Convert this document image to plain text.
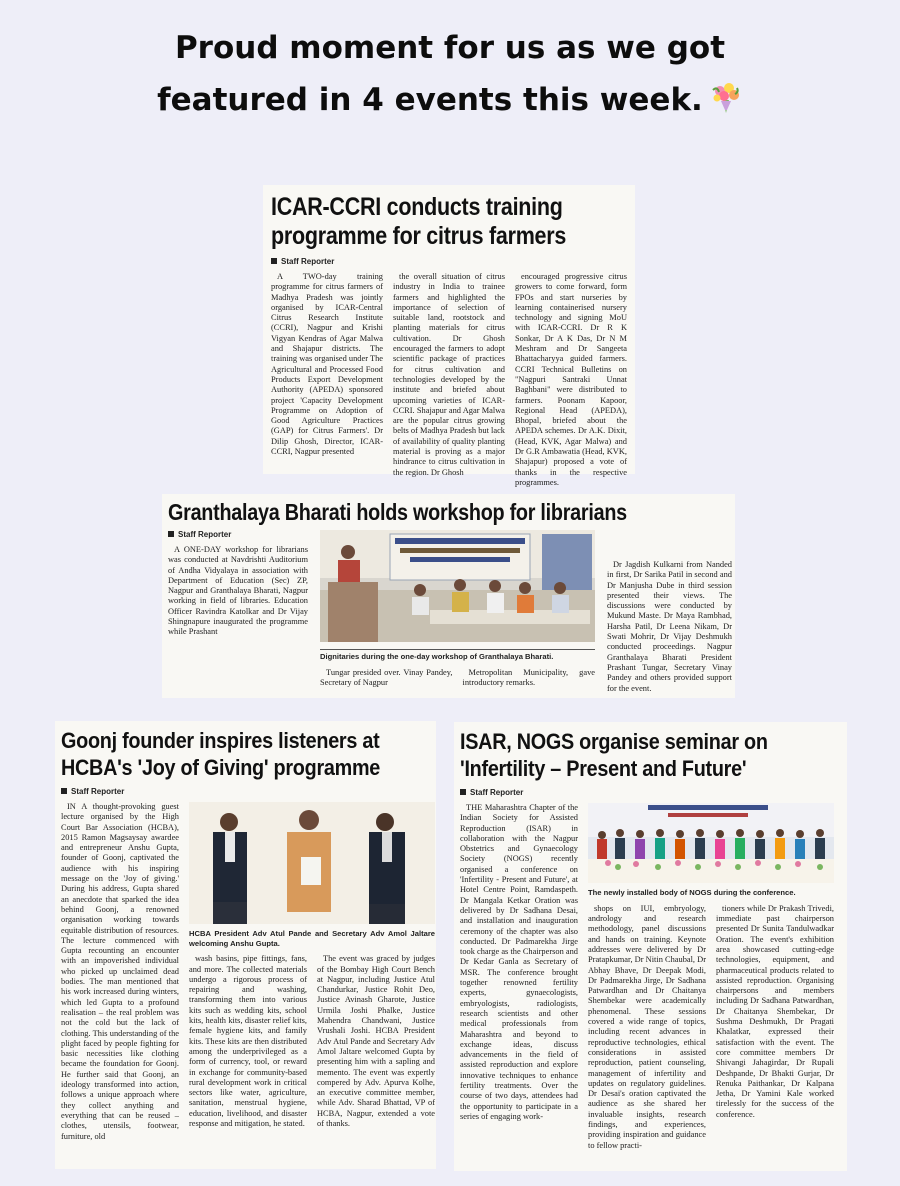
Proud moment for us as we got
featured in 4 events this week.
ICAR-CCRI conducts training programme for citrus farmers
Staff Reporter

A TWO-day training programme for citrus farmers of Madhya Pradesh was jointly organised by ICAR-Central Citrus Research Institute (CCRI), Nagpur and Krishi Vigyan Kendras of Agar Malwa and Shajapur districts. The training was organised under The Agricultural and Processed Food Products Export Development Authority (APEDA) sponsored project 'Capacity Development Programme on Adoption of Good Agriculture Practices (GAP) for Citrus Farmers'. Dr Dilip Ghosh, Director, ICAR-CCRI, Nagpur presented

the overall situation of citrus industry in India to trainee farmers and highlighted the importance of selection of suitable land, rootstock and planting materials for citrus cultivation. Dr Ghosh encouraged the farmers to adopt scientific package of practices for citrus cultivation and technologies developed by the institute and briefed about upcoming varieties of ICAR-CCRI. Shajapur and Agar Malwa are the popular citrus growing belts of Madhya Pradesh but lack of availability of quality planting material is proving as a major hindrance to citrus cultivation in the region. Dr Ghosh

encouraged progressive citrus growers to come forward, form FPOs and start nurseries by learning containerised nursery technology and signing MoU with ICAR-CCRI. Dr R K Sonkar, Dr A K Das, Dr N M Meshram and Dr Sangeeta Bhattacharyya guided farmers. CCRI Technical Bulletins on "Nagpuri Santraki Unnat Baghbani" were distributed to farmers. Poonam Kapoor, Regional Head (APEDA), Bhopal, briefed about the APEDA schemes. Dr A.K. Dixit, (Head, KVK, Agar Malwa) and Dr G.R Ambawatia (Head, KVK, Shajapur) proposed a vote of thanks in the respective programmes.

Granthalaya Bharati holds workshop for librarians
Staff Reporter

A ONE-DAY workshop for librarians was conducted at Navdrishti Auditorium of Andha Vidyalaya in association with Department of Education (Sec) ZP, Nagpur and Granthalaya Bharati, Nagpur working in field of libraries. Education Officer Ravindra Katolkar and Dr Vijay Shingnapure inaugurated the programme while Prashant

Dignitaries during the one-day workshop of Granthalaya Bharati.

Tungar presided over. Vinay Pandey, Secretary of Nagpur

Metropolitan Municipality, gave introductory remarks.

Dr Jagdish Kulkarni from Nanded in first, Dr Sarika Patil in second and Dr Manjusha Dube in third session presented their views. The discussions were conducted by Mukund Maste. Dr Maya Rambhad, Harsha Patil, Dr Leena Nikam, Dr Swati Mohrir, Dr Vijay Deshmukh conducted proceedings. Nagpur Granthalaya Bharati President Prashant Tungar, Secretary Vinay Pandey and others provided support for the event.

Goonj founder inspires listeners at HCBA's 'Joy of Giving' programme
Staff Reporter

IN A thought-provoking guest lecture organised by the High Court Bar Association (HCBA), 2015 Ramon Magsaysay awardee and entrepreneur Anshu Gupta, founder of Goonj, captivated the audience with his inspiring message on the 'Joy of giving.' During his address, Gupta shared an anecdote that sparked the idea behind Goonj, a renowned organisation working towards equitable distribution of resources. The lecture commenced with Gupta recounting an encounter with an impoverished individual who picked up unclaimed dead bodies. The man mentioned that his work increased during winters, which led Gupta to a profound realisation – the real problem was not the cold but the lack of clothing. This understanding of the plight faced by people fighting for basic necessities like clothing became the foundation for Goonj. He further said that Goonj, an ideology transformed into action, follows a unique approach where they collect anything and everything that can be reused – clothes, utensils, footwear, furniture, old

HCBA President Adv Atul Pande and Secretary Adv Amol Jaltare welcoming Anshu Gupta.

wash basins, pipe fittings, fans, and more. The collected materials undergo a rigorous process of repairing and washing, transforming them into various kits such as wedding kits, school kits, health kits, disaster relief kits, female hygiene kits, and family kits. These kits are then distributed among the underprivileged as a form of currency, tool, or reward in exchange for community-based rural development work in critical sectors like water, agriculture, sanitation, menstrual hygiene, education, livelihood, and disaster response and mitigation, he stated.

The event was graced by judges of the Bombay High Court Bench at Nagpur, including Justice Atul Chandurkar, Justice Rohit Deo, Justice Avinash Gharote, Justice Urmila Joshi Phalke, Justice Mahendra Chandwani, Justice Vrushali Joshi. HCBA President Adv Atul Pande and Secretary Adv Amol Jaltare welcomed Gupta by presenting him with a sapling and memento. The event was expertly compered by Adv. Apurva Kolhe, an executive committee member, while Adv. Sharad Bhattad, VP of HCBA, Nagpur, extended a vote of thanks.

ISAR, NOGS organise seminar on 'Infertility – Present and Future'
Staff Reporter

THE Maharashtra Chapter of the Indian Society for Assisted Reproduction (ISAR) in collaboration with the Nagpur Obstetrics and Gynaecology Society (NOGS) recently organised a conference on 'Infertility - Present and Future', at Hotel Centre Point, Ramdaspeth. Dr Mangala Ketkar Oration was delivered by Dr Sadhana Desai, and installation and inauguration ceremony of the chapter was also conducted. Dr Padmarekha Jirge took charge as the Chairperson and Dr Kedar Ganla as Secretary of MSR. The conference brought together renowned fertility experts, gynaecologists, embryologists, radiologists, research scientists and other medical professionals from Maharashtra and beyond to exchange ideas, discuss advancements in the field of assisted reproduction and explore innovative techniques to enhance fertility treatments. Over the course of two days, attendees had the opportunity to participate in a series of engaging work-

The newly installed body of NOGS during the conference.

shops on IUI, embryology, andrology and research methodology, panel discussions and hands on training. Keynote addresses were delivered by Dr Pratapkumar, Dr Nitin Chaubal, Dr Abhay Bhave, Dr Deepak Modi, Dr Padmarekha Jirge, Dr Sadhana Patwardhan and Dr Chaitanya Shembekar were academically phenomenal. These sessions covered a wide range of topics, including recent advances in reproductive technologies, ethical considerations in assisted reproduction, patient counseling, management of infertility and updates on regulatory guidelines. Dr Desai's oration captivated the audience as she shared her invaluable insights, research findings, and experiences, providing inspiration and guidance to fellow practi-

tioners while Dr Prakash Trivedi, immediate past chairperson presented Dr Sunita Tandulwadkar Oration. The event's exhibition area showcased cutting-edge technologies, equipment, and pharmaceutical products related to assisted reproduction. Organising chairpersons and members including Dr Sadhana Patwardhan, Dr Chaitanya Shembekar, Dr Sushma Deshmukh, Dr Pragati Khalatkar, expressed their satisfaction with the event. The core committee members Dr Shivangi Jahagirdar, Dr Rupali Deshpande, Dr Bhakti Gurjar, Dr Renuka Paithankar, Dr Kalpana Jetha, Dr Yamini Kale worked tirelessly for the success of the conference.
